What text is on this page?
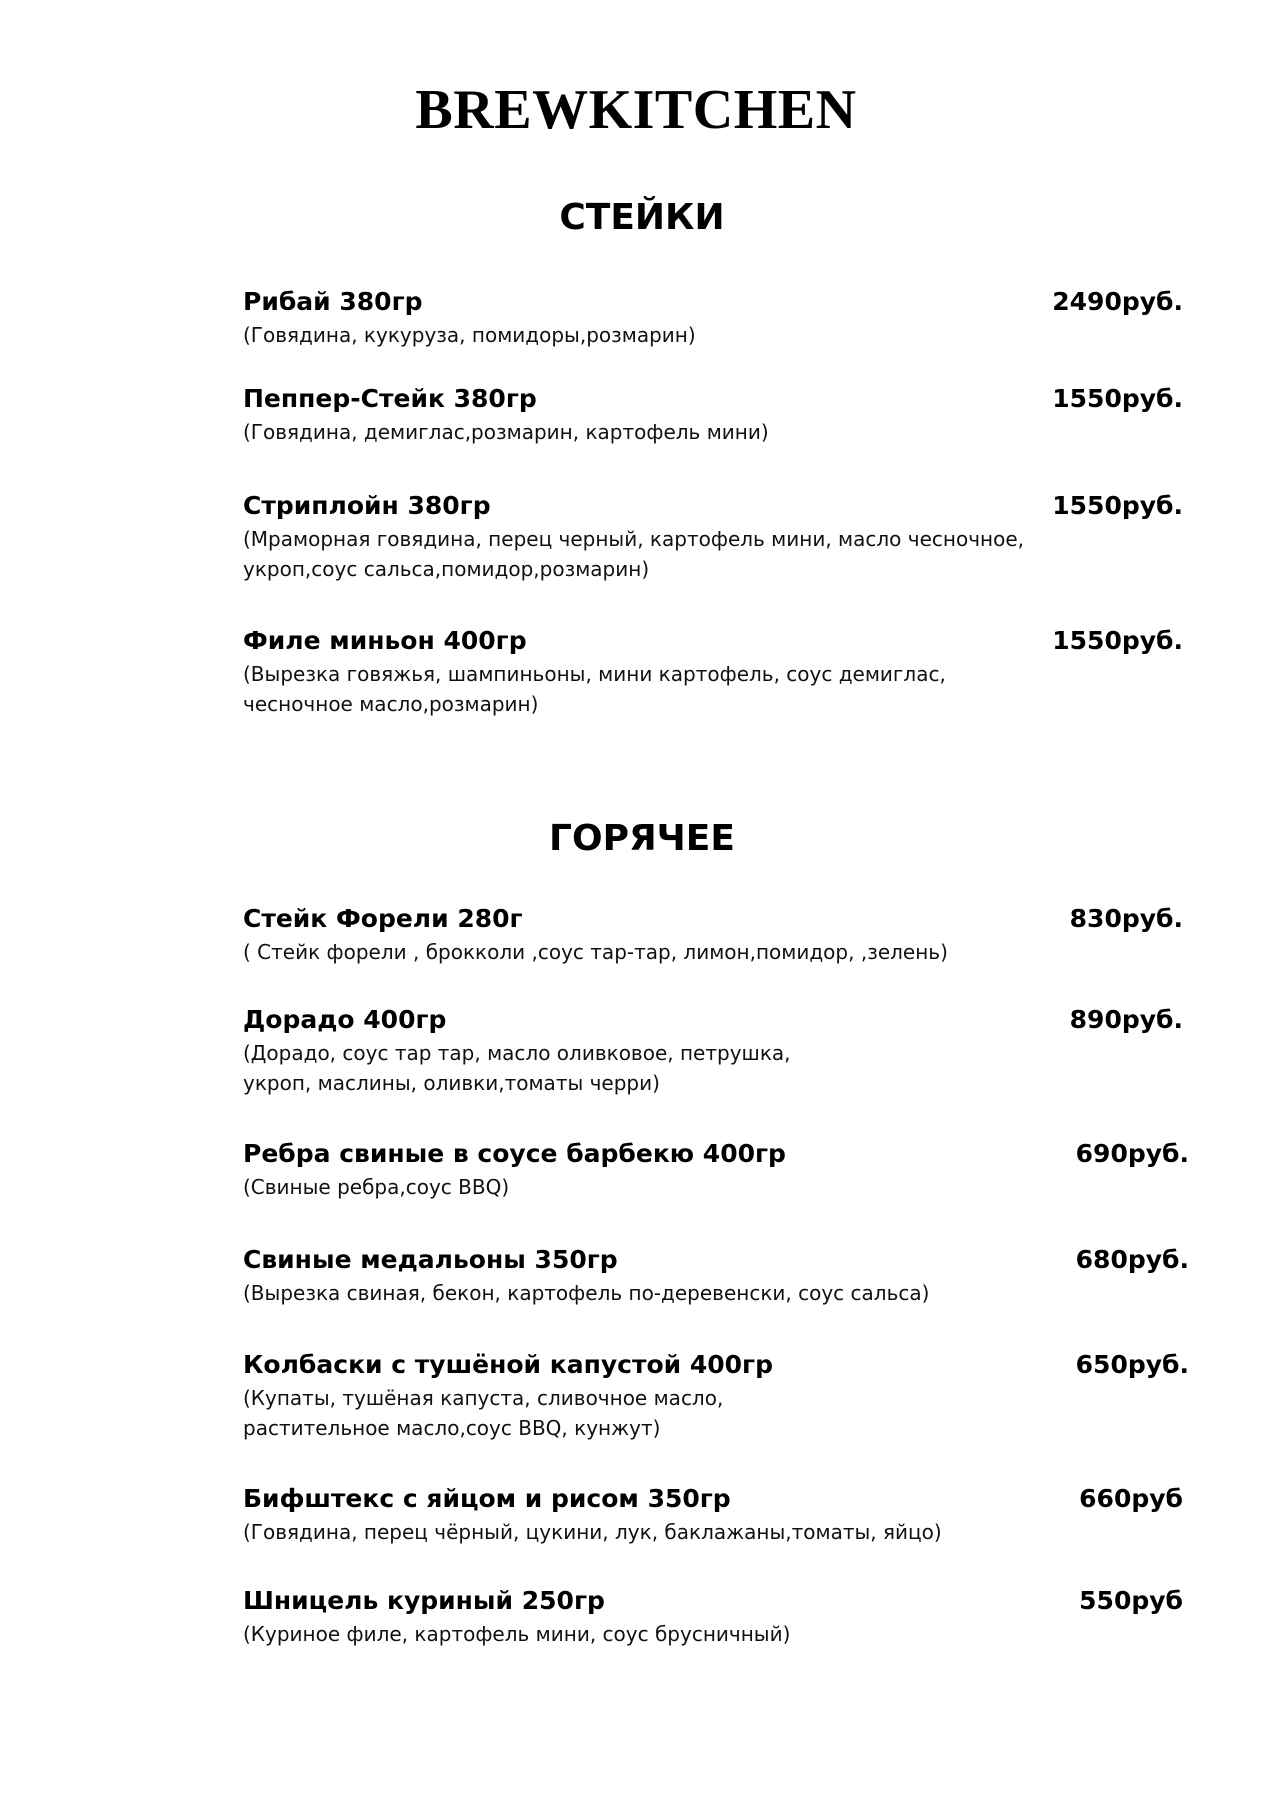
BREWKITCHEN
СТЕЙКИ
Рибай 380гр	2490руб.
(Говядина, кукуруза, помидоры,розмарин)
Пеппер-Стейк 380гр	1550руб.
(Говядина, демиглас,розмарин, картофель мини)
Стриплойн 380гр	1550руб.
(Мраморная говядина, перец черный, картофель мини, масло чесночное,
укроп,соус сальса,помидор,розмарин)
Филе миньон 400гр	1550руб.
(Вырезка говяжья, шампиньоны, мини картофель, соус демиглас,
чесночное масло,розмарин)
ГОРЯЧЕЕ
Стейк Форели 280г	830руб.
( Стейк форели , брокколи ,соус тар-тар, лимон,помидор, ,зелень)
Дорадо 400гр	890руб.
(Дорадо, соус тар тар, масло оливковое, петрушка,
укроп, маслины, оливки,томаты черри)
Ребра свиные в соусе барбекю 400гр	690руб.
(Свиные ребра,соус BBQ)
Свиные медальоны 350гр	680руб.
(Вырезка свиная, бекон, картофель по-деревенски, соус сальса)
Колбаски с тушёной капустой 400гр	650руб.
(Купаты, тушёная капуста, сливочное масло,
растительное масло,соус BBQ, кунжут)
Бифштекс с яйцом и рисом 350гр	660руб
(Говядина, перец чёрный, цукини, лук, баклажаны,томаты, яйцо)
Шницель куриный 250гр	550руб
(Куриное филе, картофель мини, соус брусничный)
